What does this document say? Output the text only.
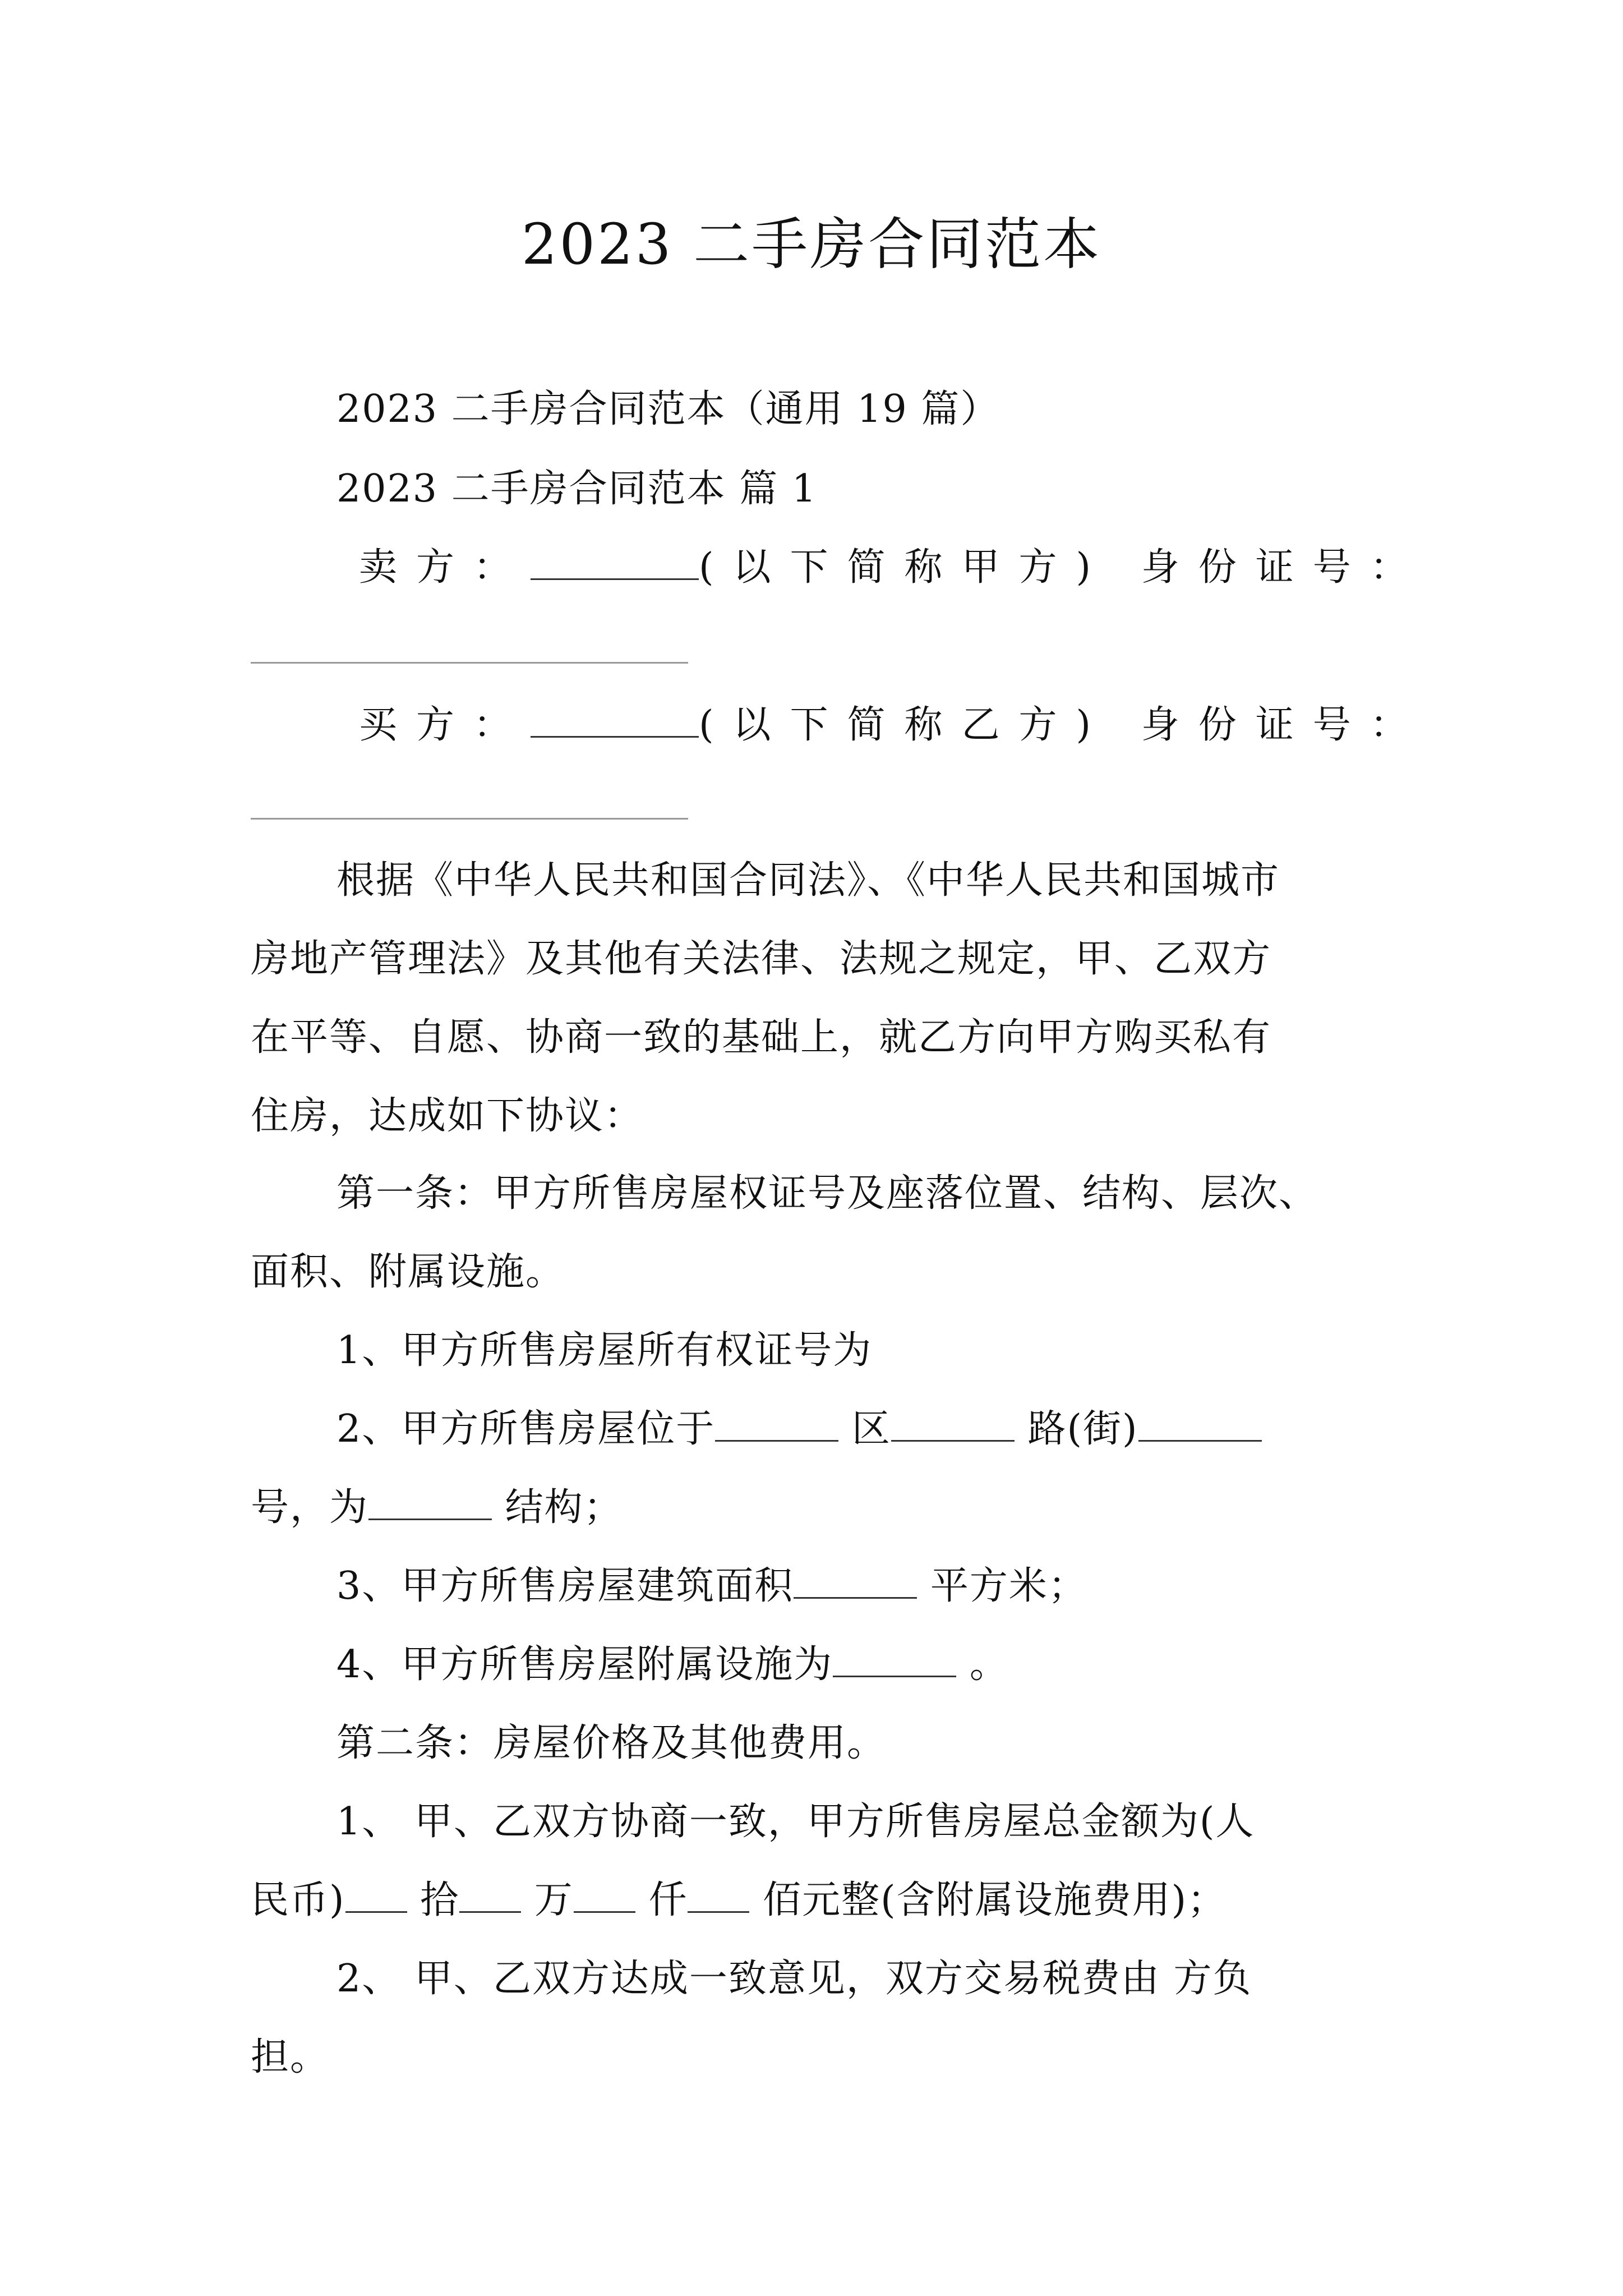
2023 二手房合同范本
2023 二手房合同范本（通用 19 篇）
2023 二手房合同范本 篇 1
卖方：	(以下简称甲方) 身份证号：
买方：	(以下简称乙方) 身份证号：
根据《中华人民共和国合同法》、《中华人民共和国城市
房地产管理法》及其他有关法律、法规之规定，甲、乙双方
在平等、自愿、协商一致的基础上，就乙方向甲方购买私有
住房，达成如下协议：
第一条：甲方所售房屋权证号及座落位置、结构、层次、
面积、附属设施。
1、甲方所售房屋所有权证号为
2、甲方所售房屋位于	区	路(街)
号，为	结构；
3、甲方所售房屋建筑面积	平方米；
4、甲方所售房屋附属设施为	。
第二条：房屋价格及其他费用。
1、 甲、乙双方协商一致，甲方所售房屋总金额为(人
民币) 拾 万 仟 佰元整(含附属设施费用)；
2、 甲、乙双方达成一致意见，双方交易税费由 方负
担。
